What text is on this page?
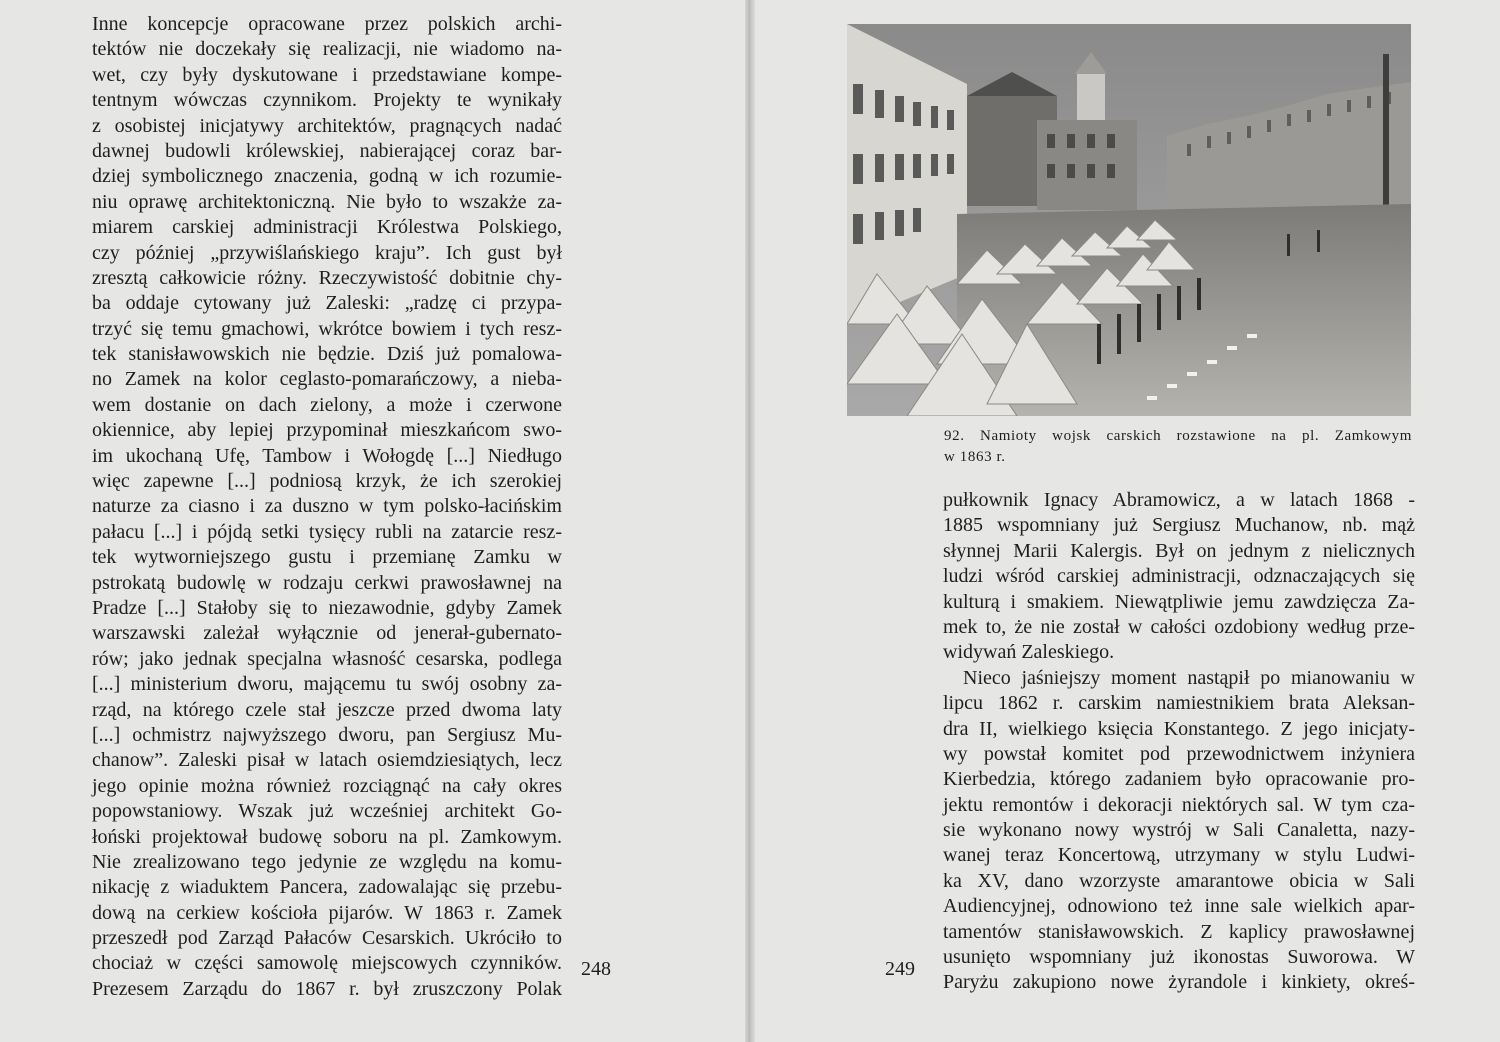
Inne koncepcje opracowane przez polskich archi-
tektów nie doczekały się realizacji, nie wiadomo na-
wet, czy były dyskutowane i przedstawiane kompe-
tentnym wówczas czynnikom. Projekty te wynikały
z osobistej inicjatywy architektów, pragnących nadać
dawnej budowli królewskiej, nabierającej coraz bar-
dziej symbolicznego znaczenia, godną w ich rozumie-
niu oprawę architektoniczną. Nie było to wszakże za-
miarem carskiej administracji Królestwa Polskiego,
czy później „przywiślańskiego kraju”. Ich gust był
zresztą całkowicie różny. Rzeczywistość dobitnie chy-
ba oddaje cytowany już Zaleski: „radzę ci przypa-
trzyć się temu gmachowi, wkrótce bowiem i tych resz-
tek stanisławowskich nie będzie. Dziś już pomalowa-
no Zamek na kolor ceglasto-pomarańczowy, a nieba-
wem dostanie on dach zielony, a może i czerwone
okiennice, aby lepiej przypominał mieszkańcom swo-
im ukochaną Ufę, Tambow i Wołogdę [...] Niedługo
więc zapewne [...] podniosą krzyk, że ich szerokiej
naturze za ciasno i za duszno w tym polsko-łacińskim
pałacu [...] i pójdą setki tysięcy rubli na zatarcie resz-
tek wytworniejszego gustu i przemianę Zamku w
pstrokatą budowlę w rodzaju cerkwi prawosławnej na
Pradze [...] Stałoby się to niezawodnie, gdyby Zamek
warszawski zależał wyłącznie od jenerał-gubernato-
rów; jako jednak specjalna własność cesarska, podlega
[...] ministerium dworu, mającemu tu swój osobny za-
rząd, na którego czele stał jeszcze przed dwoma laty
[...] ochmistrz najwyższego dworu, pan Sergiusz Mu-
chanow”. Zaleski pisał w latach osiemdziesiątych, lecz
jego opinie można również rozciągnąć na cały okres
popowstaniowy. Wszak już wcześniej architekt Go-
łoński projektował budowę soboru na pl. Zamkowym.
Nie zrealizowano tego jedynie ze względu na komu-
nikację z wiaduktem Pancera, zadowalając się przebu-
dową na cerkiew kościoła pijarów. W 1863 r. Zamek
przeszedł pod Zarząd Pałaców Cesarskich. Ukróciło to
chociaż w części samowolę miejscowych czynników.
Prezesem Zarządu do 1867 r. był zruszczony Polak

248
92. Namioty wojsk carskich rozstawione na pl. Zamkowym
w 1863 r.

pułkownik Ignacy Abramowicz, a w latach 1868 -
1885 wspomniany już Sergiusz Muchanow, nb. mąż
słynnej Marii Kalergis. Był on jednym z nielicznych
ludzi wśród carskiej administracji, odznaczających się
kulturą i smakiem. Niewątpliwie jemu zawdzięcza Za-
mek to, że nie został w całości ozdobiony według prze-
widywań Zaleskiego.

Nieco jaśniejszy moment nastąpił po mianowaniu w
lipcu 1862 r. carskim namiestnikiem brata Aleksan-
dra II, wielkiego księcia Konstantego. Z jego inicjaty-
wy powstał komitet pod przewodnictwem inżyniera
Kierbedzia, którego zadaniem było opracowanie pro-
jektu remontów i dekoracji niektórych sal. W tym cza-
sie wykonano nowy wystrój w Sali Canaletta, nazy-
wanej teraz Koncertową, utrzymany w stylu Ludwi-
ka XV, dano wzorzyste amarantowe obicia w Sali
Audiencyjnej, odnowiono też inne sale wielkich apar-
tamentów stanisławowskich. Z kaplicy prawosławnej
usunięto wspomniany już ikonostas Suworowa. W
Paryżu zakupiono nowe żyrandole i kinkiety, okreś-

249
